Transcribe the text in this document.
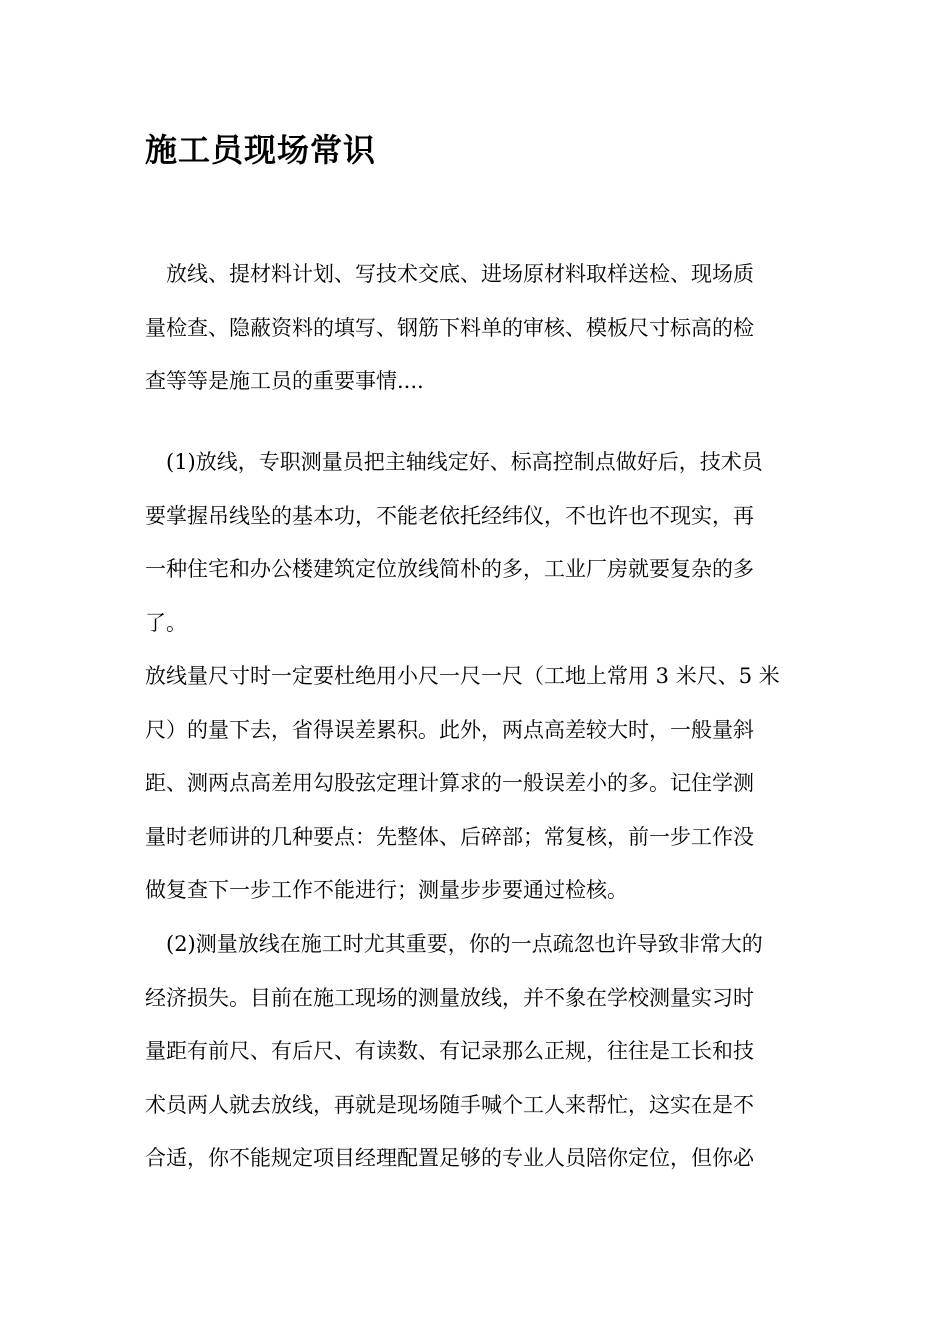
施工员现场常识
　放线、提材料计划、写技术交底、进场原材料取样送检、现场质
量检查、隐蔽资料的填写、钢筋下料单的审核、模板尺寸标高的检
查等等是施工员的重要事情....
　(1)放线，专职测量员把主轴线定好、标高控制点做好后，技术员
要掌握吊线坠的基本功，不能老依托经纬仪，不也许也不现实，再
一种住宅和办公楼建筑定位放线简朴的多，工业厂房就要复杂的多
了。
放线量尺寸时一定要杜绝用小尺一尺一尺（工地上常用 3 米尺、5 米
尺）的量下去，省得误差累积。此外，两点高差较大时，一般量斜
距、测两点高差用勾股弦定理计算求的一般误差小的多。记住学测
量时老师讲的几种要点：先整体、后碎部；常复核，前一步工作没
做复查下一步工作不能进行；测量步步要通过检核。
　(2)测量放线在施工时尤其重要，你的一点疏忽也许导致非常大的
经济损失。目前在施工现场的测量放线，并不象在学校测量实习时
量距有前尺、有后尺、有读数、有记录那么正规，往往是工长和技
术员两人就去放线，再就是现场随手喊个工人来帮忙，这实在是不
合适，你不能规定项目经理配置足够的专业人员陪你定位，但你必
